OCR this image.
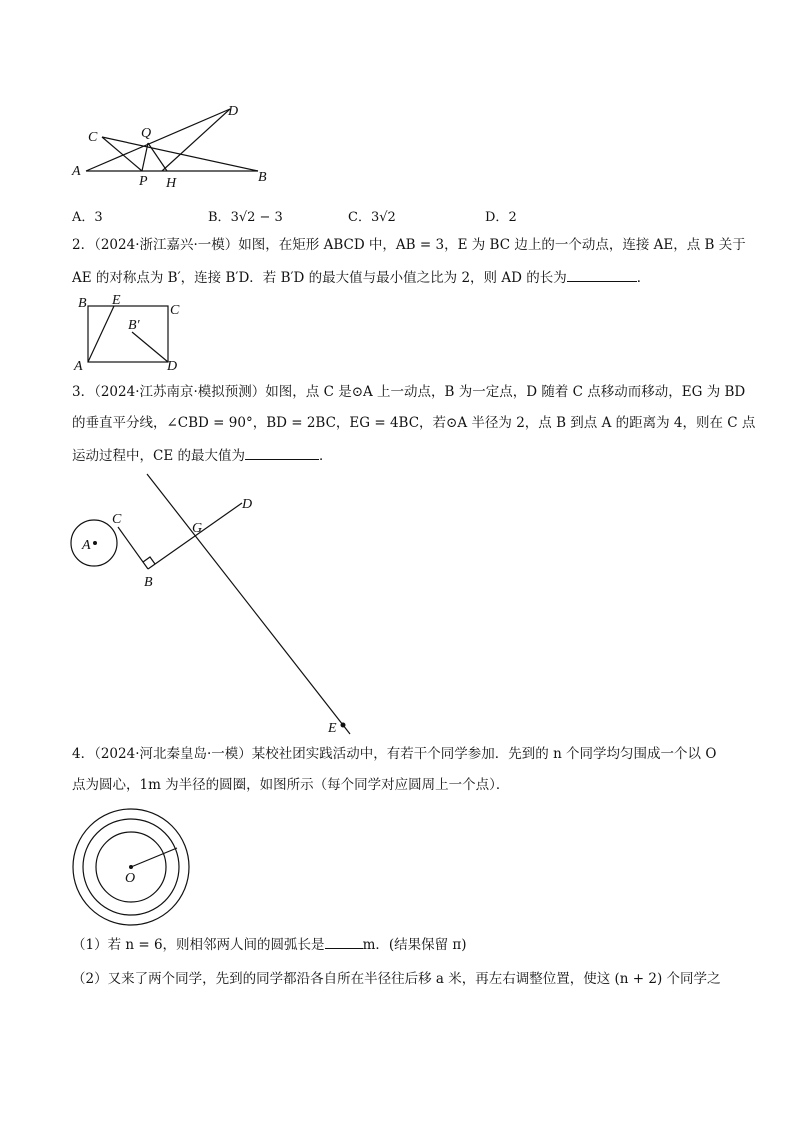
A	B
C
D
Q
P H
A．3	B．3√2 − 3	C．3√2	D．2
2．（2024·浙江嘉兴·一模）如图，在矩形 ABCD 中，AB = 3，E 为 BC 边上的一个动点，连接 AE，点 B 关于
AE 的对称点为 B′，连接 B′D．若 B′D 的最大值与最小值之比为 2，则 AD 的长为	．
B E
C
B′
A	D
3．（2024·江苏南京·模拟预测）如图，点 C 是⊙A 上一动点，B 为一定点，D 随着 C 点移动而移动，EG 为 BD
的垂直平分线，∠CBD = 90°，BD = 2BC，EG = 4BC，若⊙A 半径为 2，点 B 到点 A 的距离为 4，则在 C 点
运动过程中，CE 的最大值为	．
A
C
B
G
D
E
4．（2024·河北秦皇岛·一模）某校社团实践活动中，有若干个同学参加．先到的 n 个同学均匀围成一个以 O
点为圆心，1m 为半径的圆圈，如图所示（每个同学对应圆周上一个点）．
O
（1）若 n = 6，则相邻两人间的圆弧长是	m．(结果保留 π)
（2）又来了两个同学，先到的同学都沿各自所在半径往后移 a 米，再左右调整位置，使这 (n + 2) 个同学之
